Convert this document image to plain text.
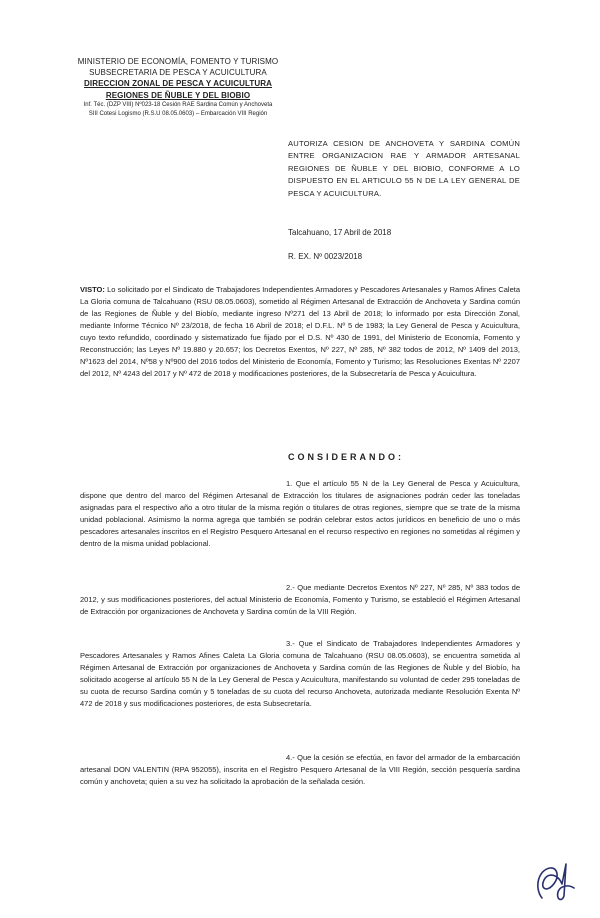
MINISTERIO DE ECONOMÍA, FOMENTO Y TURISMO
SUBSECRETARIA DE PESCA Y ACUICULTURA
DIRECCION ZONAL DE PESCA Y ACUICULTURA
REGIONES DE ÑUBLE Y DEL BIOBIO
Inf. Téc. (DZP VIII) Nº023-18 Cesión RAE Sardina Común y Anchoveta
SIII Cotesi Logismo (R.S.U 08.05.0603) – Embarcación VIII Región
AUTORIZA CESION DE ANCHOVETA Y SARDINA COMÚN ENTRE ORGANIZACION RAE Y ARMADOR ARTESANAL REGIONES DE ÑUBLE Y DEL BIOBIO, CONFORME A LO DISPUESTO EN EL ARTICULO 55 N DE LA LEY GENERAL DE PESCA Y ACUICULTURA.
Talcahuano, 17 Abril de 2018
R. EX. Nº 0023/2018
VISTO: Lo solicitado por el Sindicato de Trabajadores Independientes Armadores y Pescadores Artesanales y Ramos Afines Caleta La Gloria comuna de Talcahuano (RSU 08.05.0603), sometido al Régimen Artesanal de Extracción de Anchoveta y Sardina común de las Regiones de Ñuble y del Biobío, mediante ingreso Nº271 del 13 Abril de 2018; lo informado por esta Dirección Zonal, mediante Informe Técnico Nº 23/2018, de fecha 16 Abril de 2018; el D.F.L. Nº 5 de 1983; la Ley General de Pesca y Acuicultura, cuyo texto refundido, coordinado y sistematizado fue fijado por el D.S. Nº 430 de 1991, del Ministerio de Economía, Fomento y Reconstrucción; las Leyes Nº 19.880 y 20.657; los Decretos Exentos, Nº 227, Nº 285, Nº 382 todos de 2012, Nº 1409 del 2013, Nº1623 del 2014, Nº58 y Nº900 del 2016 todos del Ministerio de Economía, Fomento y Turismo; las Resoluciones Exentas Nº 2207 del 2012, Nº 4243 del 2017 y Nº 472 de 2018 y modificaciones posteriores, de la Subsecretaría de Pesca y Acuicultura.
CONSIDERANDO:
1. Que el artículo 55 N de la Ley General de Pesca y Acuicultura, dispone que dentro del marco del Régimen Artesanal de Extracción los titulares de asignaciones podrán ceder las toneladas asignadas para el respectivo año a otro titular de la misma región o titulares de otras regiones, siempre que se trate de la misma unidad poblacional. Asimismo la norma agrega que también se podrán celebrar estos actos jurídicos en beneficio de uno o más pescadores artesanales inscritos en el Registro Pesquero Artesanal en el recurso respectivo en regiones no sometidas al régimen y dentro de la misma unidad poblacional.
2.- Que mediante Decretos Exentos Nº 227, Nº 285, Nº 383 todos de 2012, y sus modificaciones posteriores, del actual Ministerio de Economía, Fomento y Turismo, se estableció el Régimen Artesanal de Extracción por organizaciones de Anchoveta y Sardina común de la VIII Región.
3.- Que el Sindicato de Trabajadores Independientes Armadores y Pescadores Artesanales y Ramos Afines Caleta La Gloria comuna de Talcahuano (RSU 08.05.0603), se encuentra sometida al Régimen Artesanal de Extracción por organizaciones de Anchoveta y Sardina común de las Regiones de Ñuble y del Biobío, ha solicitado acogerse al artículo 55 N de la Ley General de Pesca y Acuicultura, manifestando su voluntad de ceder 295 toneladas de su cuota de recurso Sardina común y 5 toneladas de su cuota del recurso Anchoveta, autorizada mediante Resolución Exenta Nº 472 de 2018 y sus modificaciones posteriores, de esta Subsecretaría.
4.- Que la cesión se efectúa, en favor del armador de la embarcación artesanal DON VALENTIN (RPA 952055), inscrita en el Registro Pesquero Artesanal de la VIII Región, sección pesquería sardina común y anchoveta; quien a su vez ha solicitado la aprobación de la señalada cesión.
